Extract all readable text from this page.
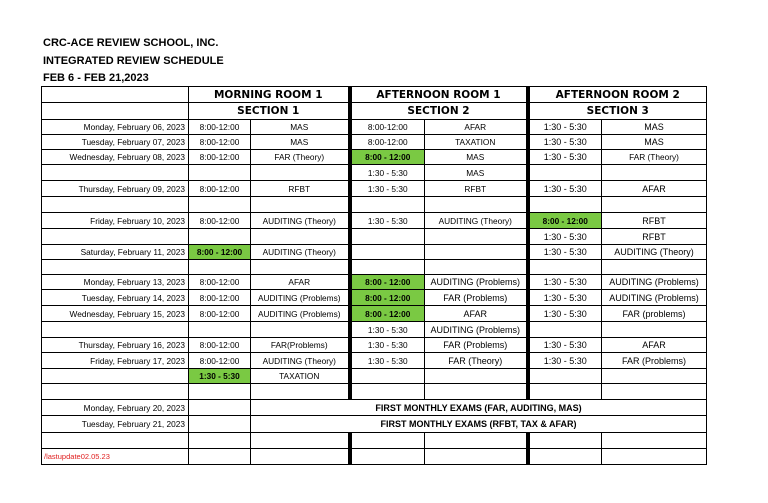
CRC-ACE REVIEW SCHOOL, INC.
INTEGRATED REVIEW SCHEDULE
FEB 6 - FEB 21,2023
	MORNING ROOM 1		AFTERNOON ROOM 1		AFTERNOON ROOM 2	
	SECTION 1		SECTION 2		SECTION 3	
Monday, February 06, 2023	8:00-12:00	MAS	8:00-12:00	AFAR	1:30 - 5:30	MAS
Tuesday, February 07, 2023	8:00-12:00	MAS	8:00-12:00	TAXATION	1:30 - 5:30	MAS
Wednesday, February 08, 2023	8:00-12:00	FAR (Theory)	8:00 - 12:00	MAS	1:30 - 5:30	FAR (Theory)
			1:30 - 5:30	MAS		
Thursday, February 09, 2023	8:00-12:00	RFBT	1:30 - 5:30	RFBT	1:30 - 5:30	AFAR

Friday, February 10, 2023	8:00-12:00	AUDITING (Theory)	1:30 - 5:30	AUDITING (Theory)	8:00 - 12:00	RFBT
					1:30 - 5:30	RFBT
Saturday, February 11, 2023	8:00 - 12:00	AUDITING (Theory)			1:30 - 5:30	AUDITING (Theory)

Monday, February 13, 2023	8:00-12:00	AFAR	8:00 - 12:00	AUDITING (Problems)	1:30 - 5:30	AUDITING (Problems)
Tuesday, February 14, 2023	8:00-12:00	AUDITING (Problems)	8:00 - 12:00	FAR (Problems)	1:30 - 5:30	AUDITING (Problems)
Wednesday, February 15, 2023	8:00-12:00	AUDITING (Problems)	8:00 - 12:00	AFAR	1:30 - 5:30	FAR (problems)
			1:30 - 5:30	AUDITING (Problems)		
Thursday, February 16, 2023	8:00-12:00	FAR(Problems)	1:30 - 5:30	FAR (Problems)	1:30 - 5:30	AFAR
Friday, February 17, 2023	8:00-12:00	AUDITING (Theory)	1:30 - 5:30	FAR (Theory)	1:30 - 5:30	FAR (Problems)
	1:30 - 5:30	TAXATION				

Monday, February 20, 2023		FIRST MONTHLY EXAMS (FAR, AUDITING, MAS)				
Tuesday, February 21, 2023		FIRST MONTHLY EXAMS (RFBT, TAX & AFAR)				

/lastupdate02.05.23						
